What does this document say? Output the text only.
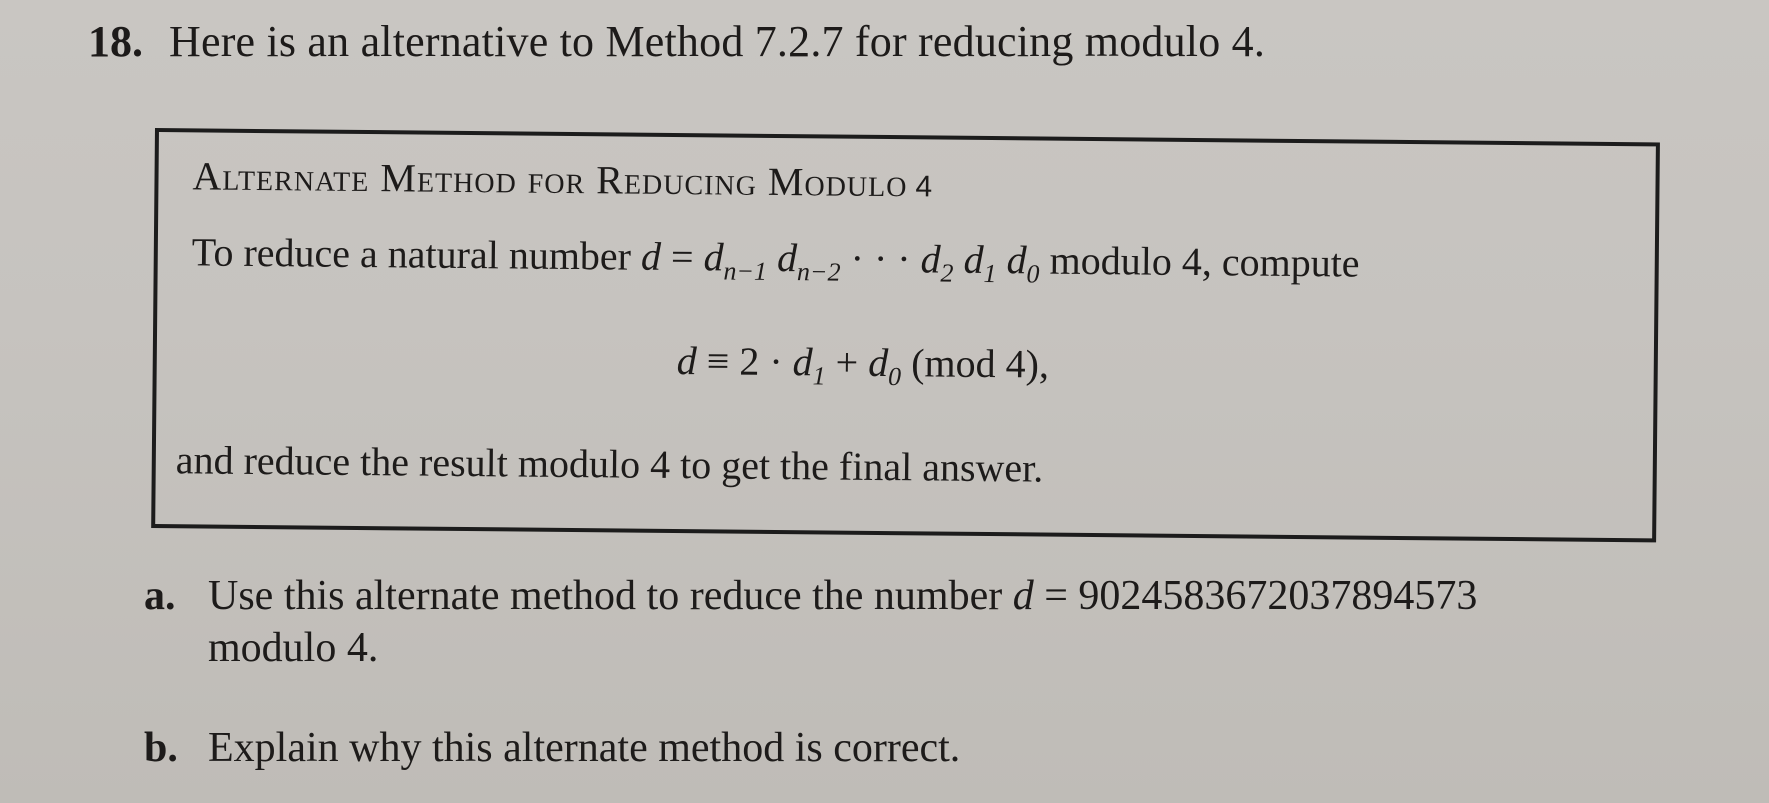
18. Here is an alternative to Method 7.2.7 for reducing modulo 4.
Alternate Method for Reducing Modulo 4
To reduce a natural number $d = d_{n-1}$ $d_{n-2}$ · · · $d_2$ $d_1$ $d_0$ modulo 4, compute
$d \equiv 2 \cdot d_1 + d_0$ (mod 4),
and reduce the result modulo 4 to get the final answer.
a. Use this alternate method to reduce the number d = 9024583672037894573
modulo 4.
b. Explain why this alternate method is correct.
